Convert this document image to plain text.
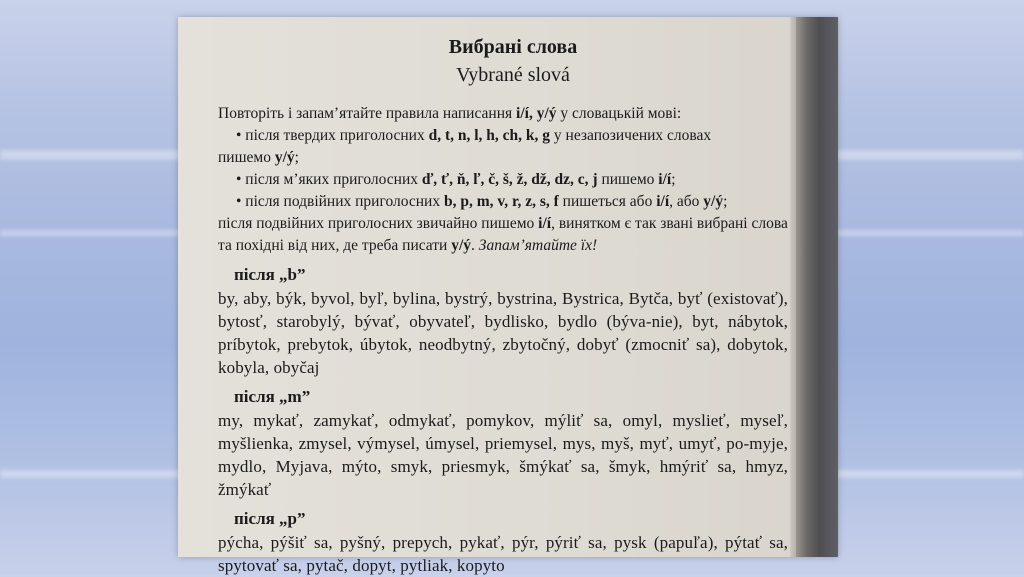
Вибрані слова

Vybrané slová

Повторіть і запам’ятайте правила написання i/í, y/ý у словацькій мові:
• після твердих приголосних d, t, n, l, h, ch, k, g у незапозичених словах
пишемо y/ý;
• після м’яких приголосних ď, ť, ň, ľ, č, š, ž, dž, dz, c, j пишемо i/í;
• після подвійних приголосних b, p, m, v, r, z, s, f пишеться або i/í, або y/ý;
після подвійних приголосних звичайно пишемо i/í, винятком є так звані вибрані слова та похідні від них, де треба писати y/ý. Запам’ятайте їх!

після „b”

by, aby, býk, byvol, byľ, bylina, bystrý, bystrina, Bystrica, Bytča, byť (existovať), bytosť, starobylý, bývať, obyvateľ, bydlisko, bydlo (býva-nie), byt, nábytok, príbytok, prebytok, úbytok, neodbytný, zbytočný, dobyť (zmocniť sa), dobytok, kobyla, obyčaj

після „m”

my, mykať, zamykať, odmykať, pomykov, mýliť sa, omyl, mysliеť, myseľ, myšlienka, zmysel, výmysel, úmysel, priemysel, mys, myš, myť, umyť, po-myje, mydlo, Myjava, mýto, smyk, priesmyk, šmýkať sa, šmyk, hmýriť sa, hmyz, žmýkať

після „p”

pýcha, pýšiť sa, pyšný, prepych, pykať, pýr, pýriť sa, pysk (papuľa), pýtať sa, spytovať sa, pytač, dopyt, pytliak, kopyto
